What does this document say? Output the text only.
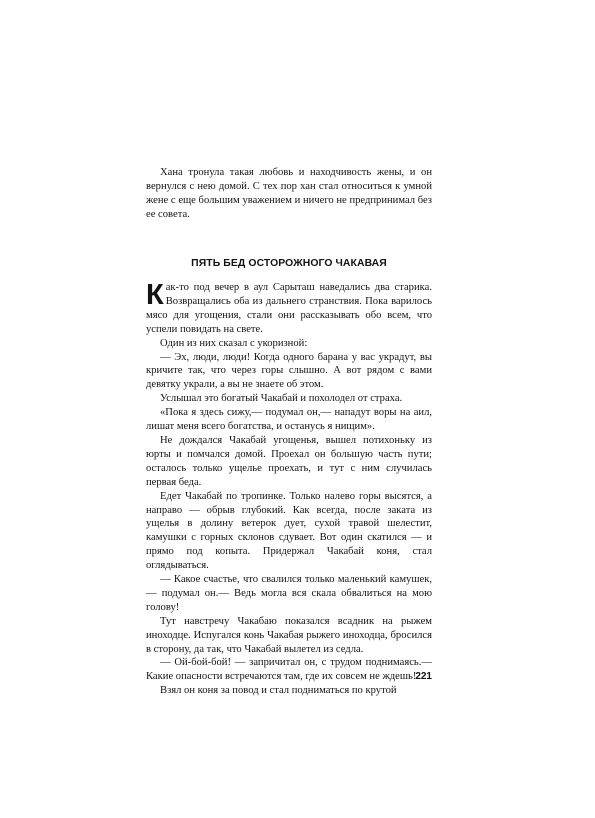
Хана тронула такая любовь и находчивость жены, и он вернулся с нею домой. С тех пор хан стал относиться к умной жене с еще большим уважением и ничего не предпринимал без ее совета.

ПЯТЬ БЕД ОСТОРОЖНОГО ЧАКАВАЯ

Как-то под вечер в аул Сарыташ наведались два старика. Возвращались оба из дальнего странствия. Пока варилось мясо для угощения, стали они рассказывать обо всем, что успели повидать на свете.

Один из них сказал с укоризной:

— Эх, люди, люди! Когда одного барана у вас украдут, вы кричите так, что через горы слышно. А вот рядом с вами девятку украли, а вы не знаете об этом.

Услышал это богатый Чакабай и похолодел от страха.

«Пока я здесь сижу,— подумал он,— нападут воры на аил, лишат меня всего богатства, и останусь я нищим».

Не дождался Чакабай угощенья, вышел потихоньку из юрты и помчался домой. Проехал он большую часть пути; осталось только ущелье проехать, и тут с ним случилась первая беда.

Едет Чакабай по тропинке. Только налево горы высятся, а направо — обрыв глубокий. Как всегда, после заката из ущелья в долину ветерок дует, сухой травой шелестит, камушки с горных склонов сдувает. Вот один скатился — и прямо под копыта. Придержал Чакабай коня, стал оглядываться.

— Какое счастье, что свалился только маленький камушек,— подумал он.— Ведь могла вся скала обвалиться на мою голову!

Тут навстречу Чакабаю показался всадник на рыжем иноходце. Испугался конь Чакабая рыжего иноходца, бросился в сторону, да так, что Чакабай вылетел из седла.

— Ой-бой-бой! — запричитал он, с трудом поднимаясь.— Какие опасности встречаются там, где их совсем не ждешь!

Взял он коня за повод и стал подниматься по крутой

221
